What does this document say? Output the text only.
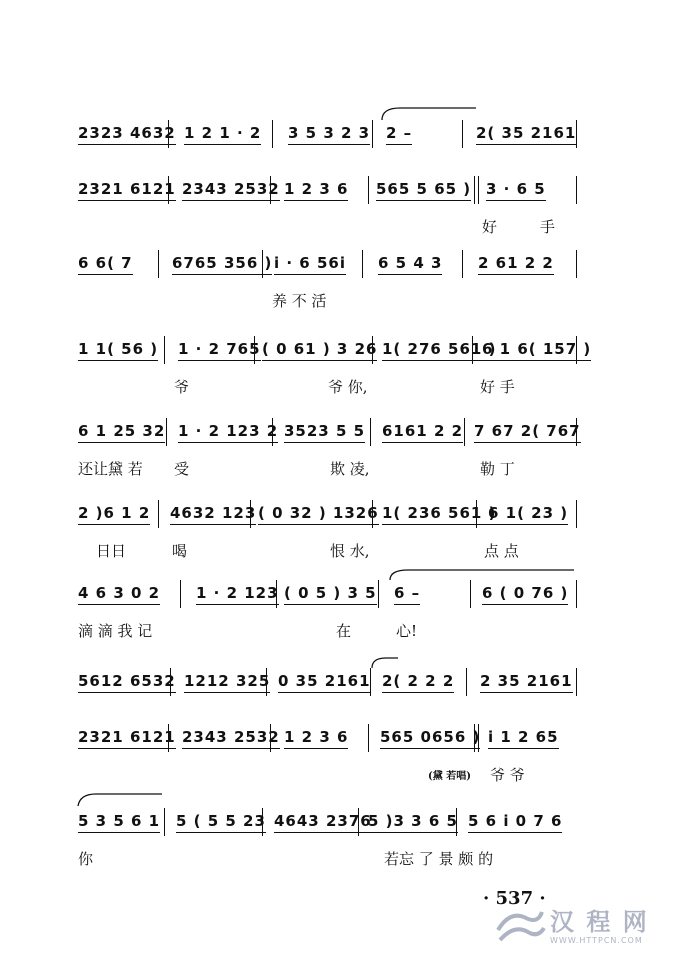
2323 4632 1 2 1 · 2 3 5 3 2 3 2 –	2( 35 2161
2321 6121 2343 2532 1 2 3 6 565 5 65 ) 3 · 6 5
好	手
6 6( 7	6765 356 ) i · 6 56i 6 5 4 3 2 61 2 2
养 不 活
1 1( 56 ) 1 · 2 765 ( 0 61 ) 3 26 1( 276 561 )
6 1 6( 157 )
爷	爷 你,	好 手
6 1 25 32 1 · 2 123 2 3523 5 5 6161 2 2 7 67 2( 767
还让黛 若 受	欺 凌,	勒 丁
2 )6 1 2 4632 123 ( 0 32 ) 1326 1( 236 561 )
6 1( 23 )
日日	喝	恨 水,	点 点
4 6 3 0 2 1 · 2 123 ( 0 5 ) 3 5 6 –	6 ( 0 76 )
滴 滴 我 记	在	心!
5612 6532 1212 325 0 35 2161 2( 2 2 2 2 35 2161
2321 6121 2343 2532 1 2 3 6 565 0656 ) i 1 2 65
(黛 若唱) 爷 爷
5 3 5 6 1 5 ( 5 5 23 4643 2376
5 )3 3 6 5 5 6 i 0 7 6
你	若忘 了 景 颇 的
· 537 ·
汉 程 网
WWW.HTTPCN.COM
